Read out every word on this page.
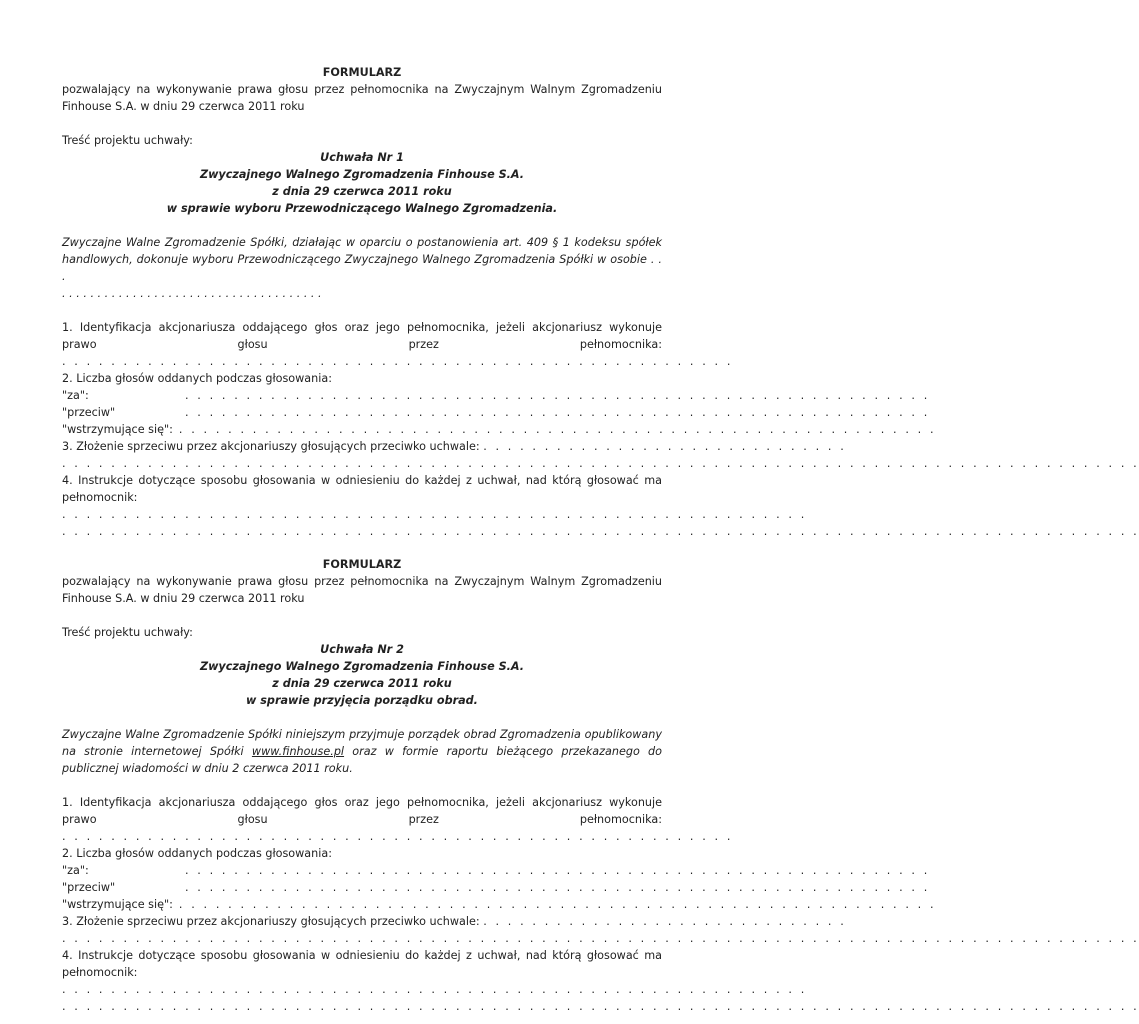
FORMULARZ

pozwalający na wykonywanie prawa głosu przez pełnomocnika na Zwyczajnym Walnym Zgromadzeniu Finhouse S.A. w dniu 29 czerwca 2011 roku

Treść projektu uchwały:

Uchwała Nr 1

Zwyczajnego Walnego Zgromadzenia Finhouse S.A.

z dnia 29 czerwca 2011 roku

w sprawie wyboru Przewodniczącego Walnego Zgromadzenia.

Zwyczajne Walne Zgromadzenie Spółki, działając w oparciu o postanowienia art. 409 § 1 kodeksu spółek handlowych, dokonuje wyboru Przewodniczącego Zwyczajnego Walnego Zgromadzenia Spółki w osobie . . .
. . . . . . . . . . . . . . . . . . . . . . . . . . . . . . . . . . . . .

1. Identyfikacja akcjonariusza oddającego głos oraz jego pełnomocnika, jeżeli akcjonariusz wykonuje prawo głosu przez pełnomocnika: . . . . . . . . . . . . . . . . . . . . . . . . . . . . . . . . . . . . . . . . . . . . . . . . . . . . . . .

2. Liczba głosów oddanych podczas głosowania:

"za":	. . . . . . . . . . . . . . . . . . . . . . . . . . . . . . . . . . . . . . . . . . . . . . . . . . . . . . . . . . . . .
"przeciw"	. . . . . . . . . . . . . . . . . . . . . . . . . . . . . . . . . . . . . . . . . . . . . . . . . . . . . . . . . . . . .
"wstrzymujące się": . . . . . . . . . . . . . . . . . . . . . . . . . . . . . . . . . . . . . . . . . . . . . . . . . . . . . . . . . . . . . .

3. Złożenie sprzeciwu przez akcjonariuszy głosujących przeciwko uchwale: . . . . . . . . . . . . . . . . . . . . . . . . . . . . . .

. . . . . . . . . . . . . . . . . . . . . . . . . . . . . . . . . . . . . . . . . . . . . . . . . . . . . . . . . . . . . . . . . . . . . . . . . . . . . . . . . . . . . . . .

4. Instrukcje dotyczące sposobu głosowania w odniesieniu do każdej z uchwał, nad którą głosować ma pełnomocnik: . . . . . . . . . . . . . . . . . . . . . . . . . . . . . . . . . . . . . . . . . . . . . . . . . . . . . . . . . . . . .

. . . . . . . . . . . . . . . . . . . . . . . . . . . . . . . . . . . . . . . . . . . . . . . . . . . . . . . . . . . . . . . . . . . . . . . . . . . . . . . . . . . . . . . .

FORMULARZ

pozwalający na wykonywanie prawa głosu przez pełnomocnika na Zwyczajnym Walnym Zgromadzeniu Finhouse S.A. w dniu 29 czerwca 2011 roku

Treść projektu uchwały:

Uchwała Nr 2

Zwyczajnego Walnego Zgromadzenia Finhouse S.A.

z dnia 29 czerwca 2011 roku

w sprawie przyjęcia porządku obrad.

Zwyczajne Walne Zgromadzenie Spółki niniejszym przyjmuje porządek obrad Zgromadzenia opublikowany na stronie internetowej Spółki www.finhouse.pl oraz w formie raportu bieżącego przekazanego do publicznej wiadomości w dniu 2 czerwca 2011 roku.

1. Identyfikacja akcjonariusza oddającego głos oraz jego pełnomocnika, jeżeli akcjonariusz wykonuje prawo głosu przez pełnomocnika: . . . . . . . . . . . . . . . . . . . . . . . . . . . . . . . . . . . . . . . . . . . . . . . . . . . . . . .

2. Liczba głosów oddanych podczas głosowania:

"za":	. . . . . . . . . . . . . . . . . . . . . . . . . . . . . . . . . . . . . . . . . . . . . . . . . . . . . . . . . . . . .
"przeciw"	. . . . . . . . . . . . . . . . . . . . . . . . . . . . . . . . . . . . . . . . . . . . . . . . . . . . . . . . . . . . .
"wstrzymujące się": . . . . . . . . . . . . . . . . . . . . . . . . . . . . . . . . . . . . . . . . . . . . . . . . . . . . . . . . . . . . . .

3. Złożenie sprzeciwu przez akcjonariuszy głosujących przeciwko uchwale: . . . . . . . . . . . . . . . . . . . . . . . . . . . . . .

. . . . . . . . . . . . . . . . . . . . . . . . . . . . . . . . . . . . . . . . . . . . . . . . . . . . . . . . . . . . . . . . . . . . . . . . . . . . . . . . . . . . . . . .

4. Instrukcje dotyczące sposobu głosowania w odniesieniu do każdej z uchwał, nad którą głosować ma pełnomocnik: . . . . . . . . . . . . . . . . . . . . . . . . . . . . . . . . . . . . . . . . . . . . . . . . . . . . . . . . . . . . .

. . . . . . . . . . . . . . . . . . . . . . . . . . . . . . . . . . . . . . . . . . . . . . . . . . . . . . . . . . . . . . . . . . . . . . . . . . . . . . . . . . . . . . . .
